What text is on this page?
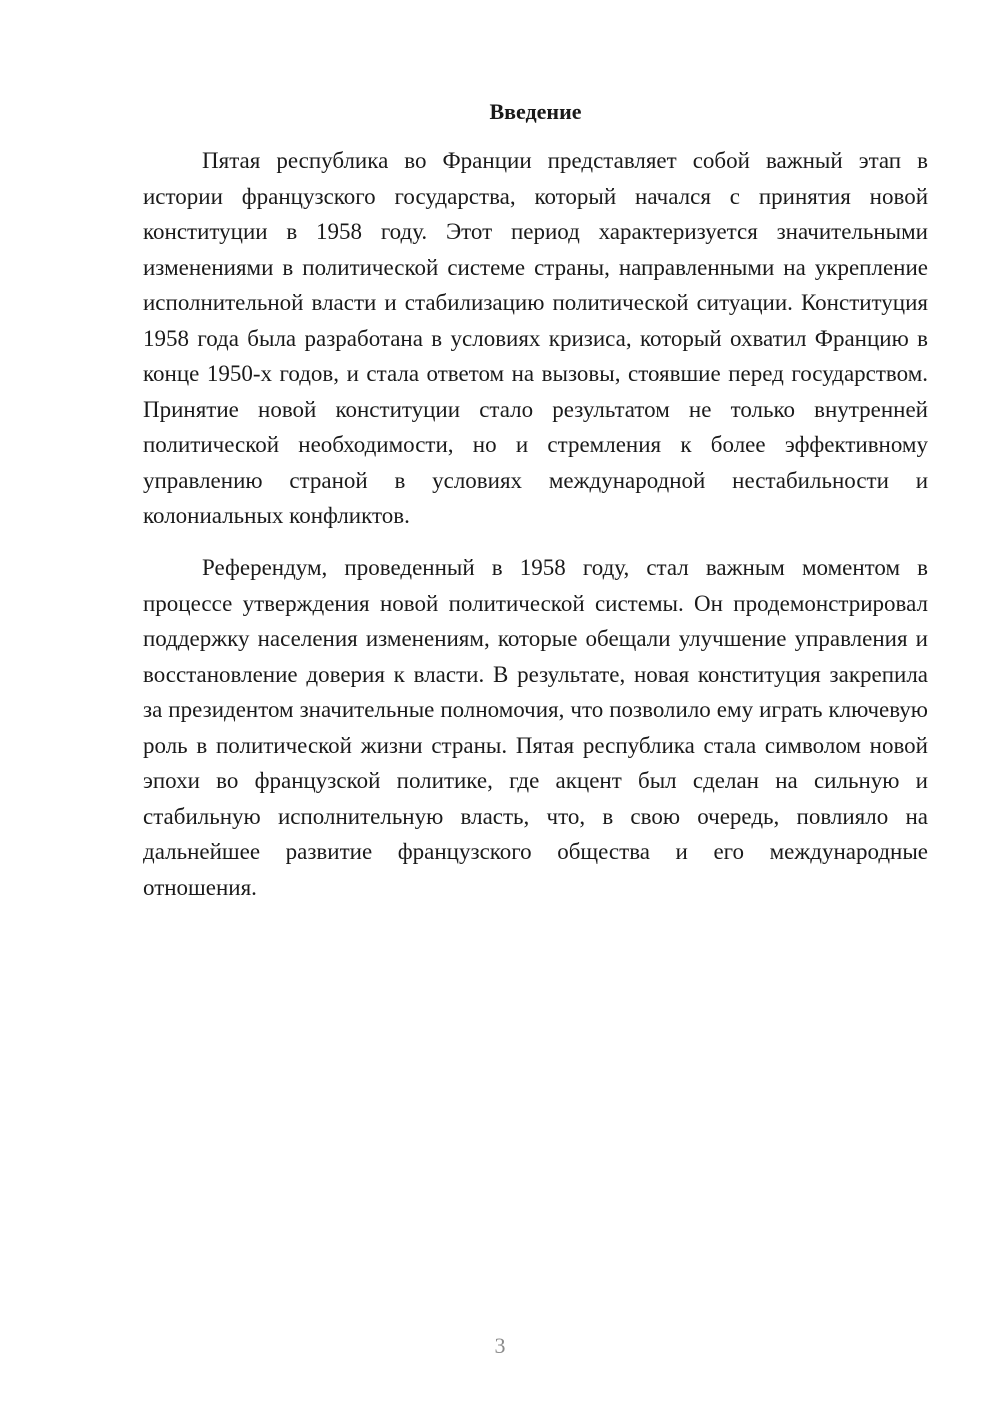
Введение

Пятая республика во Франции представляет собой важный этап в истории французского государства, который начался с принятия новой конституции в 1958 году. Этот период характеризуется значительными изменениями в политической системе страны, направленными на укрепление исполнительной власти и стабилизацию политической ситуации. Конституция 1958 года была разработана в условиях кризиса, который охватил Францию в конце 1950-х годов, и стала ответом на вызовы, стоявшие перед государством. Принятие новой конституции стало результатом не только внутренней политической необходимости, но и стремления к более эффективному управлению страной в условиях международной нестабильности и колониальных конфликтов.

Референдум, проведенный в 1958 году, стал важным моментом в процессе утверждения новой политической системы. Он продемонстрировал поддержку населения изменениям, которые обещали улучшение управления и восстановление доверия к власти. В результате, новая конституция закрепила за президентом значительные полномочия, что позволило ему играть ключевую роль в политической жизни страны. Пятая республика стала символом новой эпохи во французской политике, где акцент был сделан на сильную и стабильную исполнительную власть, что, в свою очередь, повлияло на дальнейшее развитие французского общества и его международные отношения.

3
